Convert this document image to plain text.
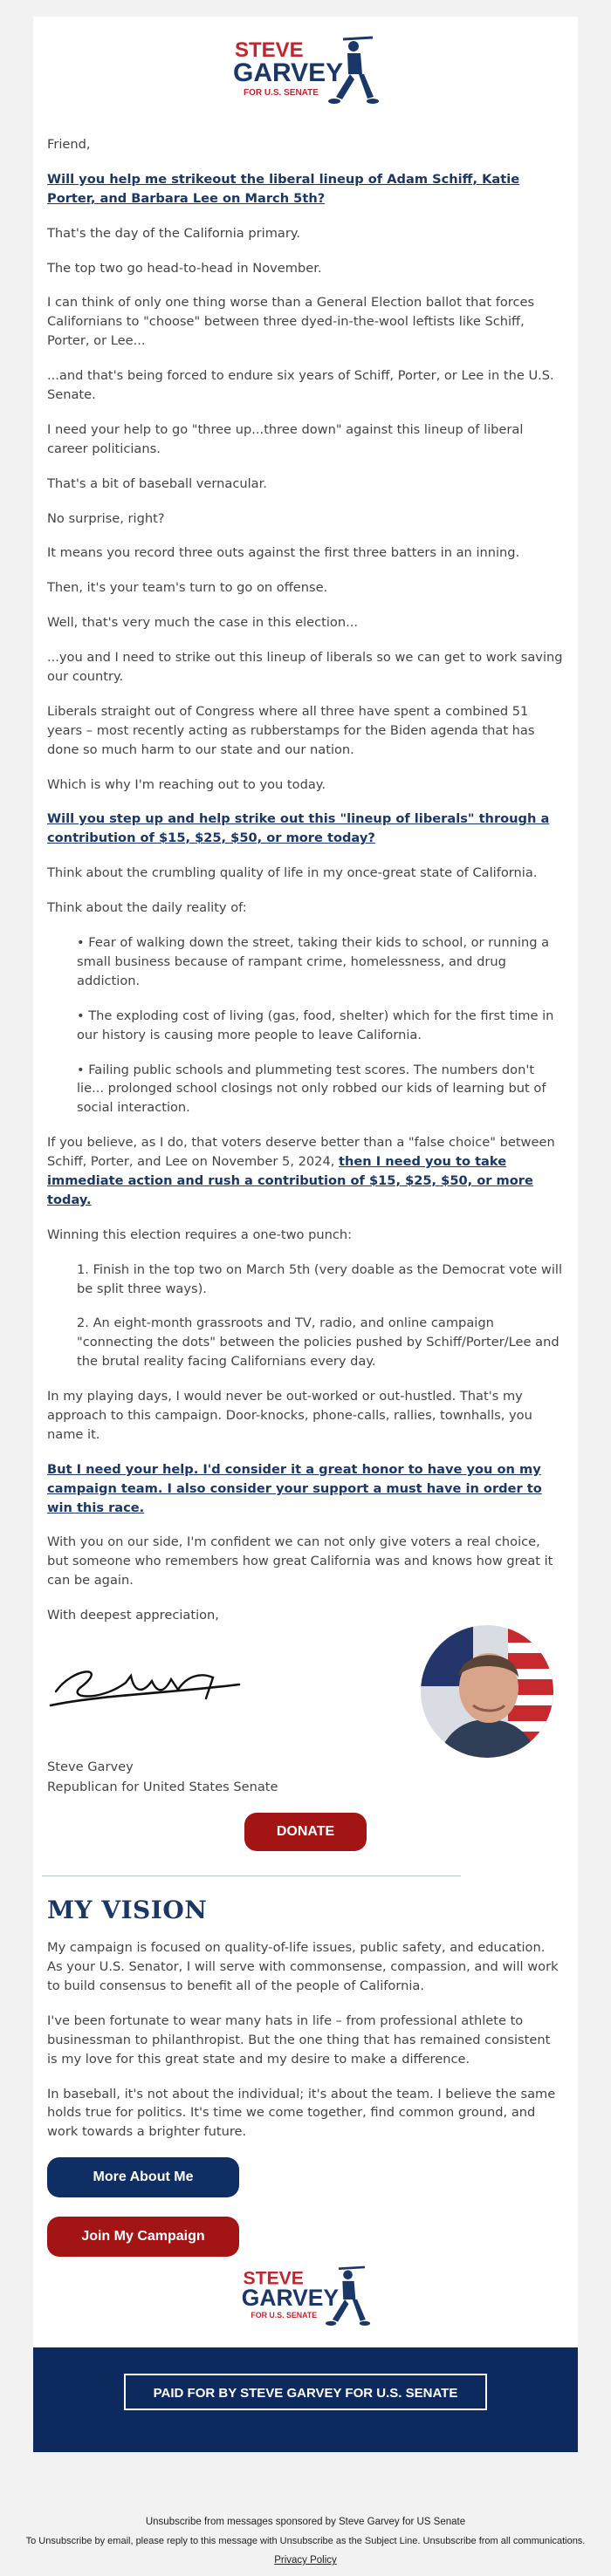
STEVE
GARVEY
FOR U.S. SENATE

Friend,

Will you help me strikeout the liberal lineup of Adam Schiff, Katie Porter, and Barbara Lee on March 5th?

That's the day of the California primary.

The top two go head-to-head in November.

I can think of only one thing worse than a General Election ballot that forces Californians to "choose" between three dyed-in-the-wool leftists like Schiff, Porter, or Lee...

...and that's being forced to endure six years of Schiff, Porter, or Lee in the U.S. Senate.

I need your help to go "three up...three down" against this lineup of liberal career politicians.

That's a bit of baseball vernacular.

No surprise, right?

It means you record three outs against the first three batters in an inning.

Then, it's your team's turn to go on offense.

Well, that's very much the case in this election...

...you and I need to strike out this lineup of liberals so we can get to work saving our country.

Liberals straight out of Congress where all three have spent a combined 51 years – most recently acting as rubberstamps for the Biden agenda that has done so much harm to our state and our nation.

Which is why I'm reaching out to you today.

Will you step up and help strike out this "lineup of liberals" through a contribution of $15, $25, $50, or more today?

Think about the crumbling quality of life in my once-great state of California.

Think about the daily reality of:

• Fear of walking down the street, taking their kids to school, or running a small business because of rampant crime, homelessness, and drug addiction.

• The exploding cost of living (gas, food, shelter) which for the first time in our history is causing more people to leave California.

• Failing public schools and plummeting test scores. The numbers don't lie... prolonged school closings not only robbed our kids of learning but of social interaction.

If you believe, as I do, that voters deserve better than a "false choice" between Schiff, Porter, and Lee on November 5, 2024, then I need you to take immediate action and rush a contribution of $15, $25, $50, or more today.

Winning this election requires a one-two punch:

1. Finish in the top two on March 5th (very doable as the Democrat vote will be split three ways).

2. An eight-month grassroots and TV, radio, and online campaign "connecting the dots" between the policies pushed by Schiff/Porter/Lee and the brutal reality facing Californians every day.

In my playing days, I would never be out-worked or out-hustled. That's my approach to this campaign. Door-knocks, phone-calls, rallies, townhalls, you name it.

But I need your help. I'd consider it a great honor to have you on my campaign team. I also consider your support a must have in order to win this race.

With you on our side, I'm confident we can not only give voters a real choice, but someone who remembers how great California was and knows how great it can be again.

With deepest appreciation,

Steve Garvey

Steve Garvey

Republican for United States Senate

DONATE
MY VISION

My campaign is focused on quality-of-life issues, public safety, and education. As your U.S. Senator, I will serve with commonsense, compassion, and will work to build consensus to benefit all of the people of California.

I've been fortunate to wear many hats in life – from professional athlete to businessman to philanthropist. But the one thing that has remained consistent is my love for this great state and my desire to make a difference.

In baseball, it's not about the individual; it's about the team. I believe the same holds true for politics. It's time we come together, find common ground, and work towards a brighter future.

More About Me
Join My Campaign
STEVE
GARVEY
FOR U.S. SENATE
PAID FOR BY STEVE GARVEY FOR U.S. SENATE

Unsubscribe from messages sponsored by Steve Garvey for US Senate

To Unsubscribe by email, please reply to this message with Unsubscribe as the Subject Line. Unsubscribe from all communications.

Privacy Policy
